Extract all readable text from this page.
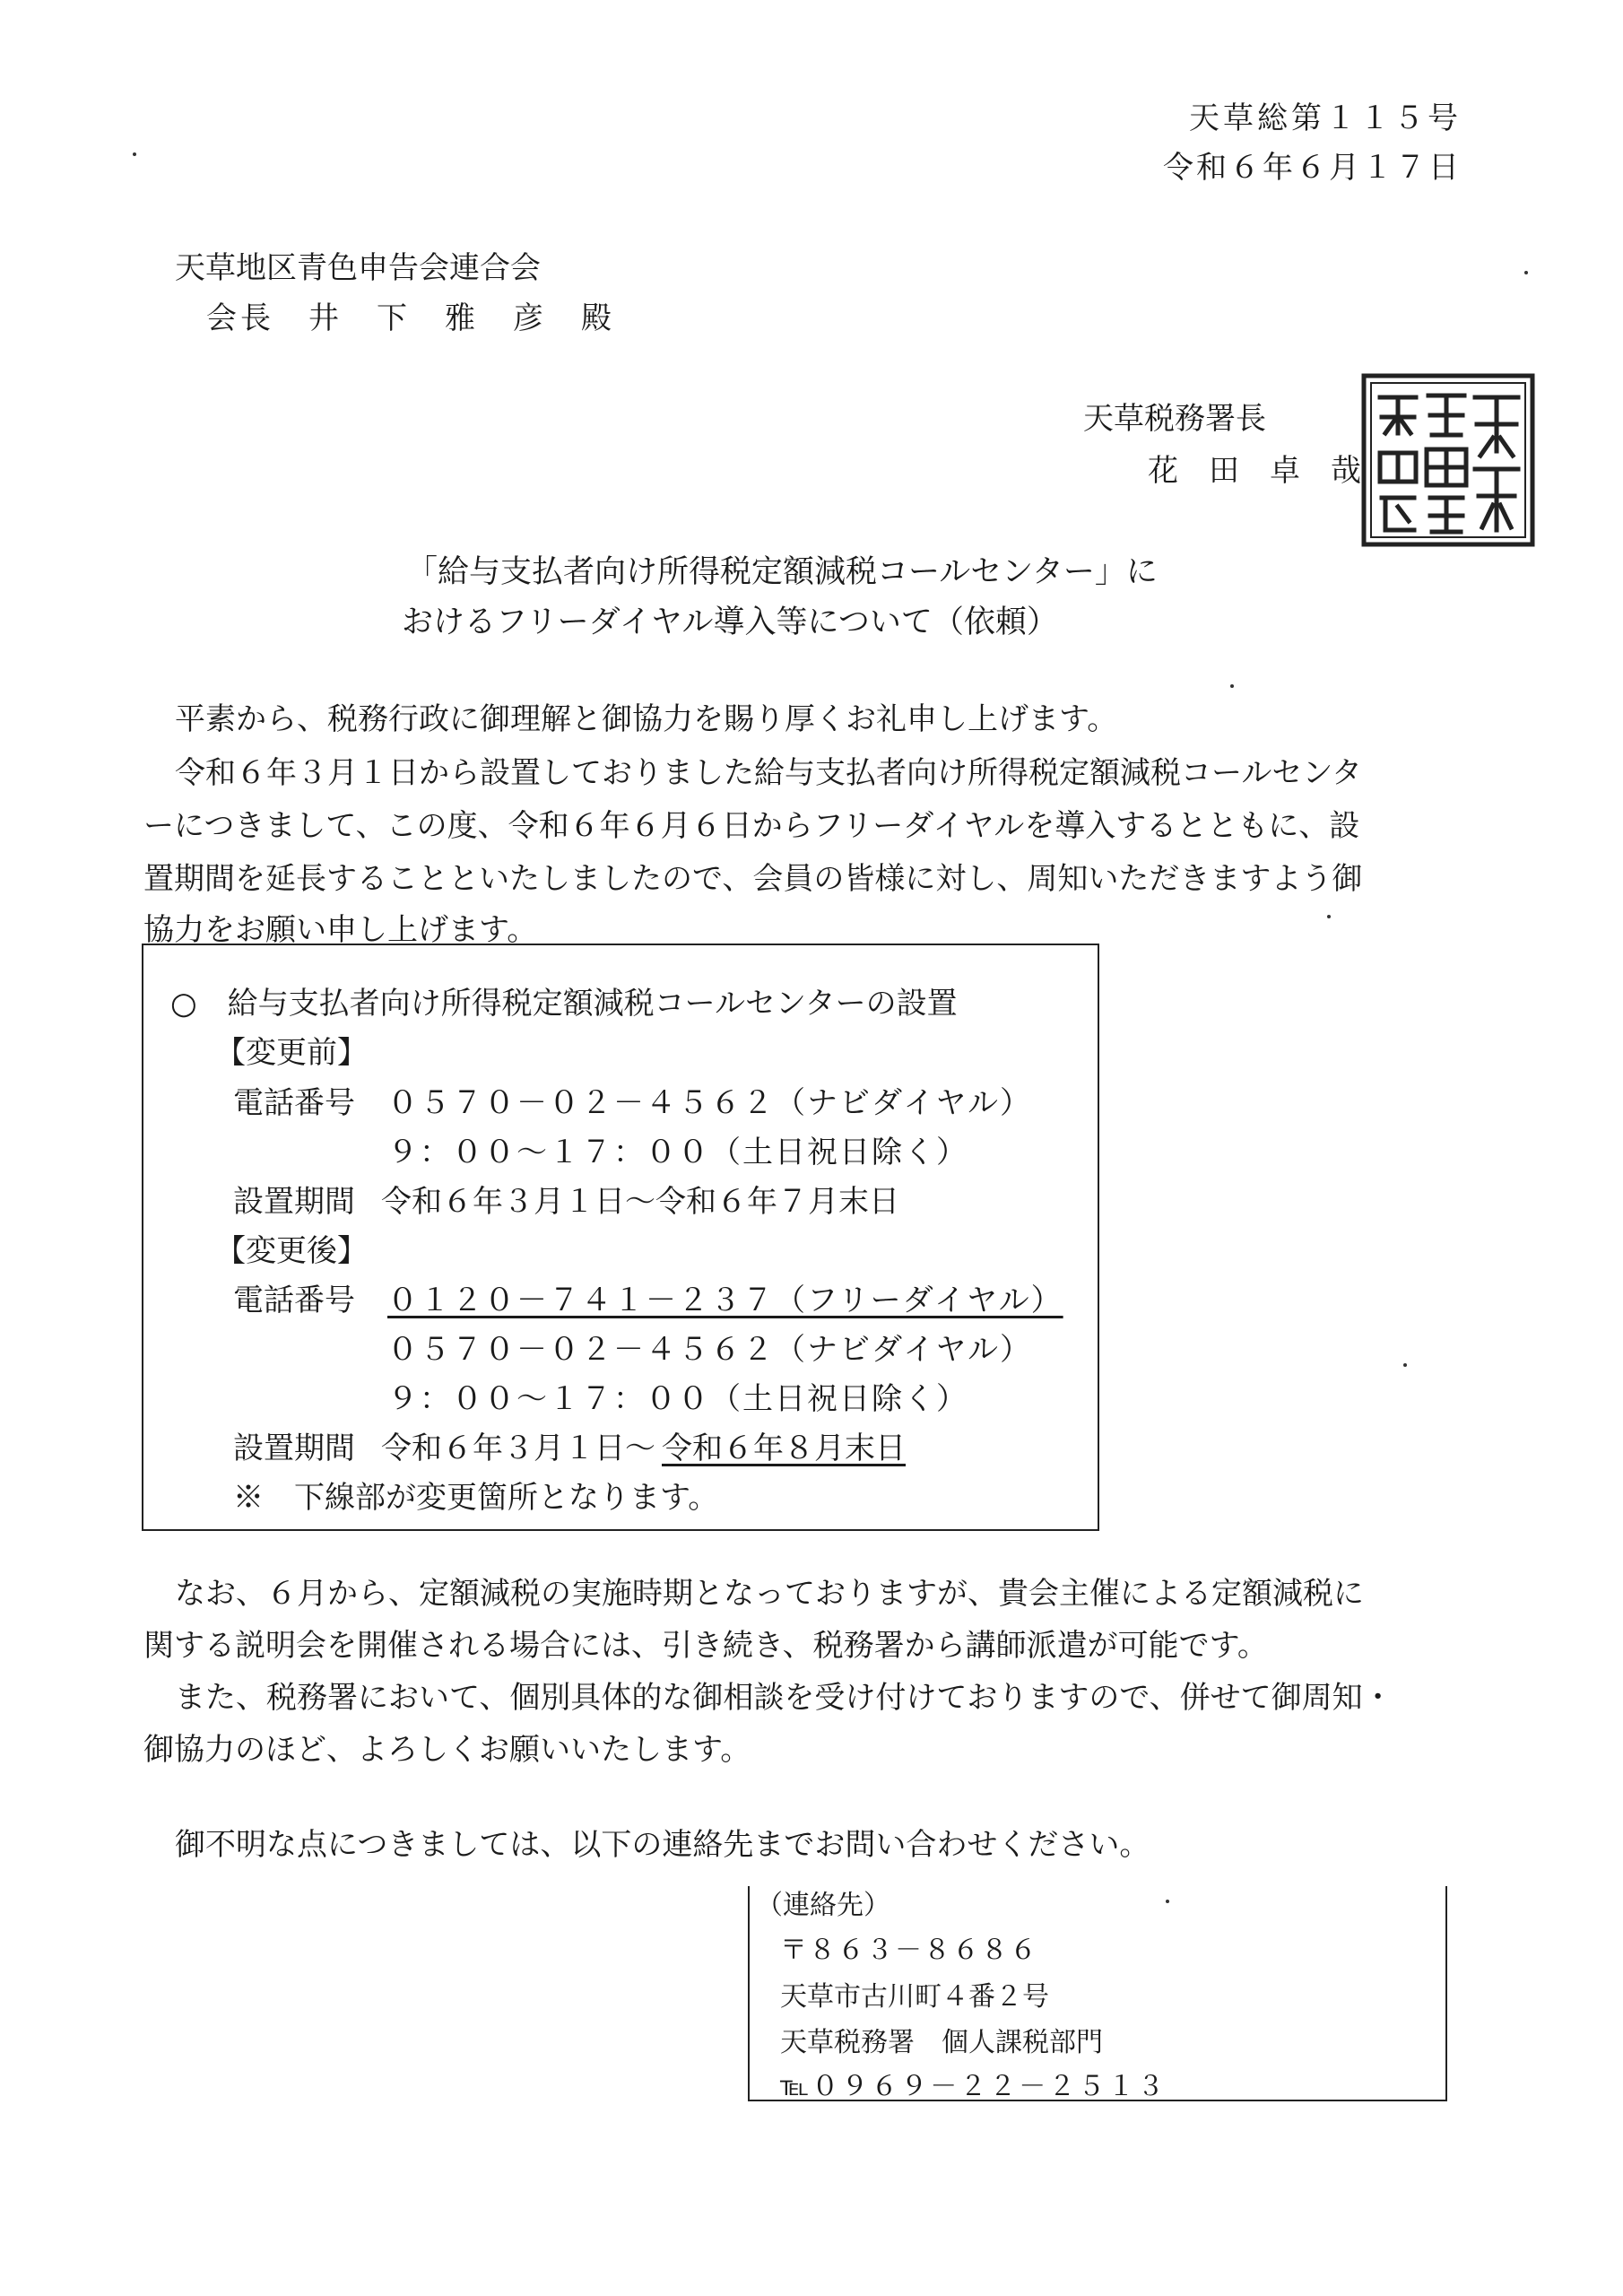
天草総第１１５号
令和６年６月１７日
天草地区青色申告会連合会
会長　井　下　雅　彦　殿
天草税務署長
花　田　卓　哉
「給与支払者向け所得税定額減税コールセンター」に
おけるフリーダイヤル導入等について（依頼）
平素から、税務行政に御理解と御協力を賜り厚くお礼申し上げます。
令和６年３月１日から設置しておりました給与支払者向け所得税定額減税コールセンタ
ーにつきまして、この度、令和６年６月６日からフリーダイヤルを導入するとともに、設
置期間を延長することといたしましたので、会員の皆様に対し、周知いただきますよう御
協力をお願い申し上げます。
○　給与支払者向け所得税定額減税コールセンターの設置
【変更前】
電話番号 ０５７０－０２－４５６２（ナビダイヤル）
９：００～１７：００（土日祝日除く）
設置期間 令和６年３月１日～令和６年７月末日
【変更後】
電話番号 ０１２０－７４１－２３７（フリーダイヤル）
０５７０－０２－４５６２（ナビダイヤル）
９：００～１７：００（土日祝日除く）
設置期間 令和６年３月１日～ 令和６年８月末日
※　下線部が変更箇所となります。
なお、６月から、定額減税の実施時期となっておりますが、貴会主催による定額減税に
関する説明会を開催される場合には、引き続き、税務署から講師派遣が可能です。
また、税務署において、個別具体的な御相談を受け付けておりますので、併せて御周知・
御協力のほど、よろしくお願いいたします。
御不明な点につきましては、以下の連絡先までお問い合わせください。
（連絡先）
〒８６３－８６８６
天草市古川町４番２号
天草税務署　個人課税部門
℡０９６９－２２－２５１３
